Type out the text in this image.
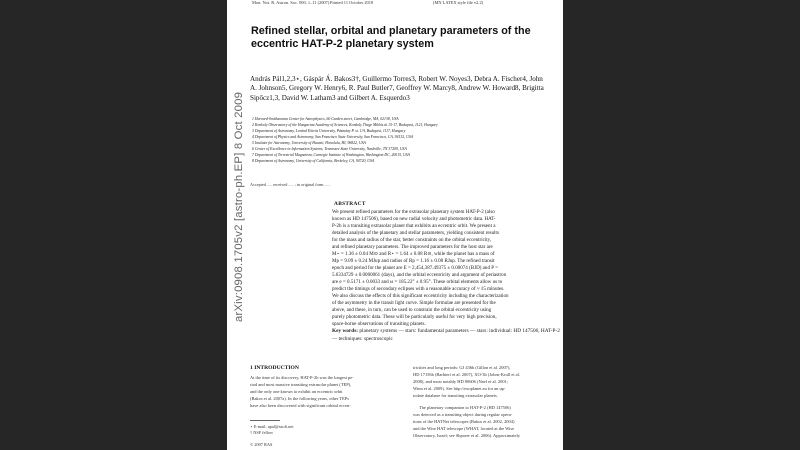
Mon. Not. R. Astron. Soc. 000, 1–11 (2007) Printed 11 October 2018	(MN LATEX style file v2.2)
Refined stellar, orbital and planetary parameters of the eccentric HAT-P-2 planetary system
András Pál1,2,3⋆, Gáspár Á. Bakos3†, Guillermo Torres3, Robert W. Noyes3, Debra A. Fischer4, John A. Johnson5, Gregory W. Henry6, R. Paul Butler7, Geoffrey W. Marcy8, Andrew W. Howard8, Brigitta Sipőcz1,3, David W. Latham3 and Gilbert A. Esquerdo3
1 Harvard-Smithsonian Center for Astrophysics, 60 Garden street, Cambridge, MA, 02138, USA
2 Konkoly Observatory of the Hungarian Academy of Sciences, Konkoly Thege Miklós út 15-17, Budapest, 1121, Hungary
3 Department of Astronomy, Loránd Eötvös University, Pázmány P. st. 1/A, Budapest, 1117, Hungary
4 Department of Physics and Astronomy, San Francisco State University, San Francisco, CA, 94132, USA
5 Institute for Astronomy, University of Hawaii, Honolulu, HI, 96822, USA
6 Center of Excellence in Information Systems, Tennessee State University, Nashville, TN 37209, USA
7 Department of Terrestrial Magnetism, Carnegie Institute of Washington, Washington DC, 20015, USA
8 Department of Astronomy, University of California, Berkeley, CA, 94720, USA
arXiv:0908.1705v2 [astro-ph.EP] 8 Oct 2009 Accepted ..... received ..... ; in original form .....
ABSTRACT
We present refined parameters for the extrasolar planetary system HAT-P-2 (also
known as HD 147506), based on new radial velocity and photometric data. HAT-
P-2b is a transiting extrasolar planet that exhibits an eccentric orbit. We present a
detailed analysis of the planetary and stellar parameters, yielding consistent results
for the mass and radius of the star, better constraints on the orbital eccentricity,
and refined planetary parameters. The improved parameters for the host star are
M⋆ = 1.36 ± 0.04 M⊙ and R⋆ = 1.64 ± 0.08 R⊙, while the planet has a mass of
Mp = 9.09 ± 0.24 MJup and radius of Rp = 1.16 ± 0.08 RJup. The refined transit
epoch and period for the planet are E = 2,454,387.49375 ± 0.00074 (BJD) and P =
5.6334729 ± 0.0000061 (days), and the orbital eccentricity and argument of periastron
are e = 0.5171 ± 0.0033 and ω = 185.22° ± 0.95°. These orbital elements allow us to
predict the timings of secondary eclipses with a reasonable accuracy of ≈ 15 minutes.
We also discuss the effects of this significant eccentricity including the characterization
of the asymmetry in the transit light curve. Simple formulae are presented for the
above, and these, in turn, can be used to constrain the orbital eccentricity using
purely photometric data. These will be particularly useful for very high precision,
space-borne observations of transiting planets.
Key words: planetary systems — stars: fundamental parameters — stars: individual: HD 147506, HAT-P-2 — techniques: spectroscopic
1 INTRODUCTION
At the time of its discovery, HAT-P-2b was the longest pe-
riod and most massive transiting extrasolar planet (TEP),
and the only one known to exhibit an eccentric orbit
(Bakos et al. 2007a). In the following years, other TEPs
have also been discovered with significant orbital eccen-
⋆ E-mail: apal@szofi.net
† NSF fellow
© 2007 RAS
tricities and long periods: GJ 436b (Gillon et al. 2007),
HD 17156b (Barbieri et al. 2007), XO-3b (Johns-Krull et al.
2008), and most notably HD 80606 (Naef et al. 2001;
Winn et al. 2009). See http://exoplanet.eu for an up-
todate database for transiting extrasolar planets.
The planetary companion to HAT-P-2 (HD 147506)
was detected as a transiting object during regular opera-
tions of the HATNet telescopes (Bakos et al. 2002, 2004)
and the Wise HAT telescope (WHAT, located at the Wise
Observatory, Israel; see Shporer et al. 2006). Approximately
